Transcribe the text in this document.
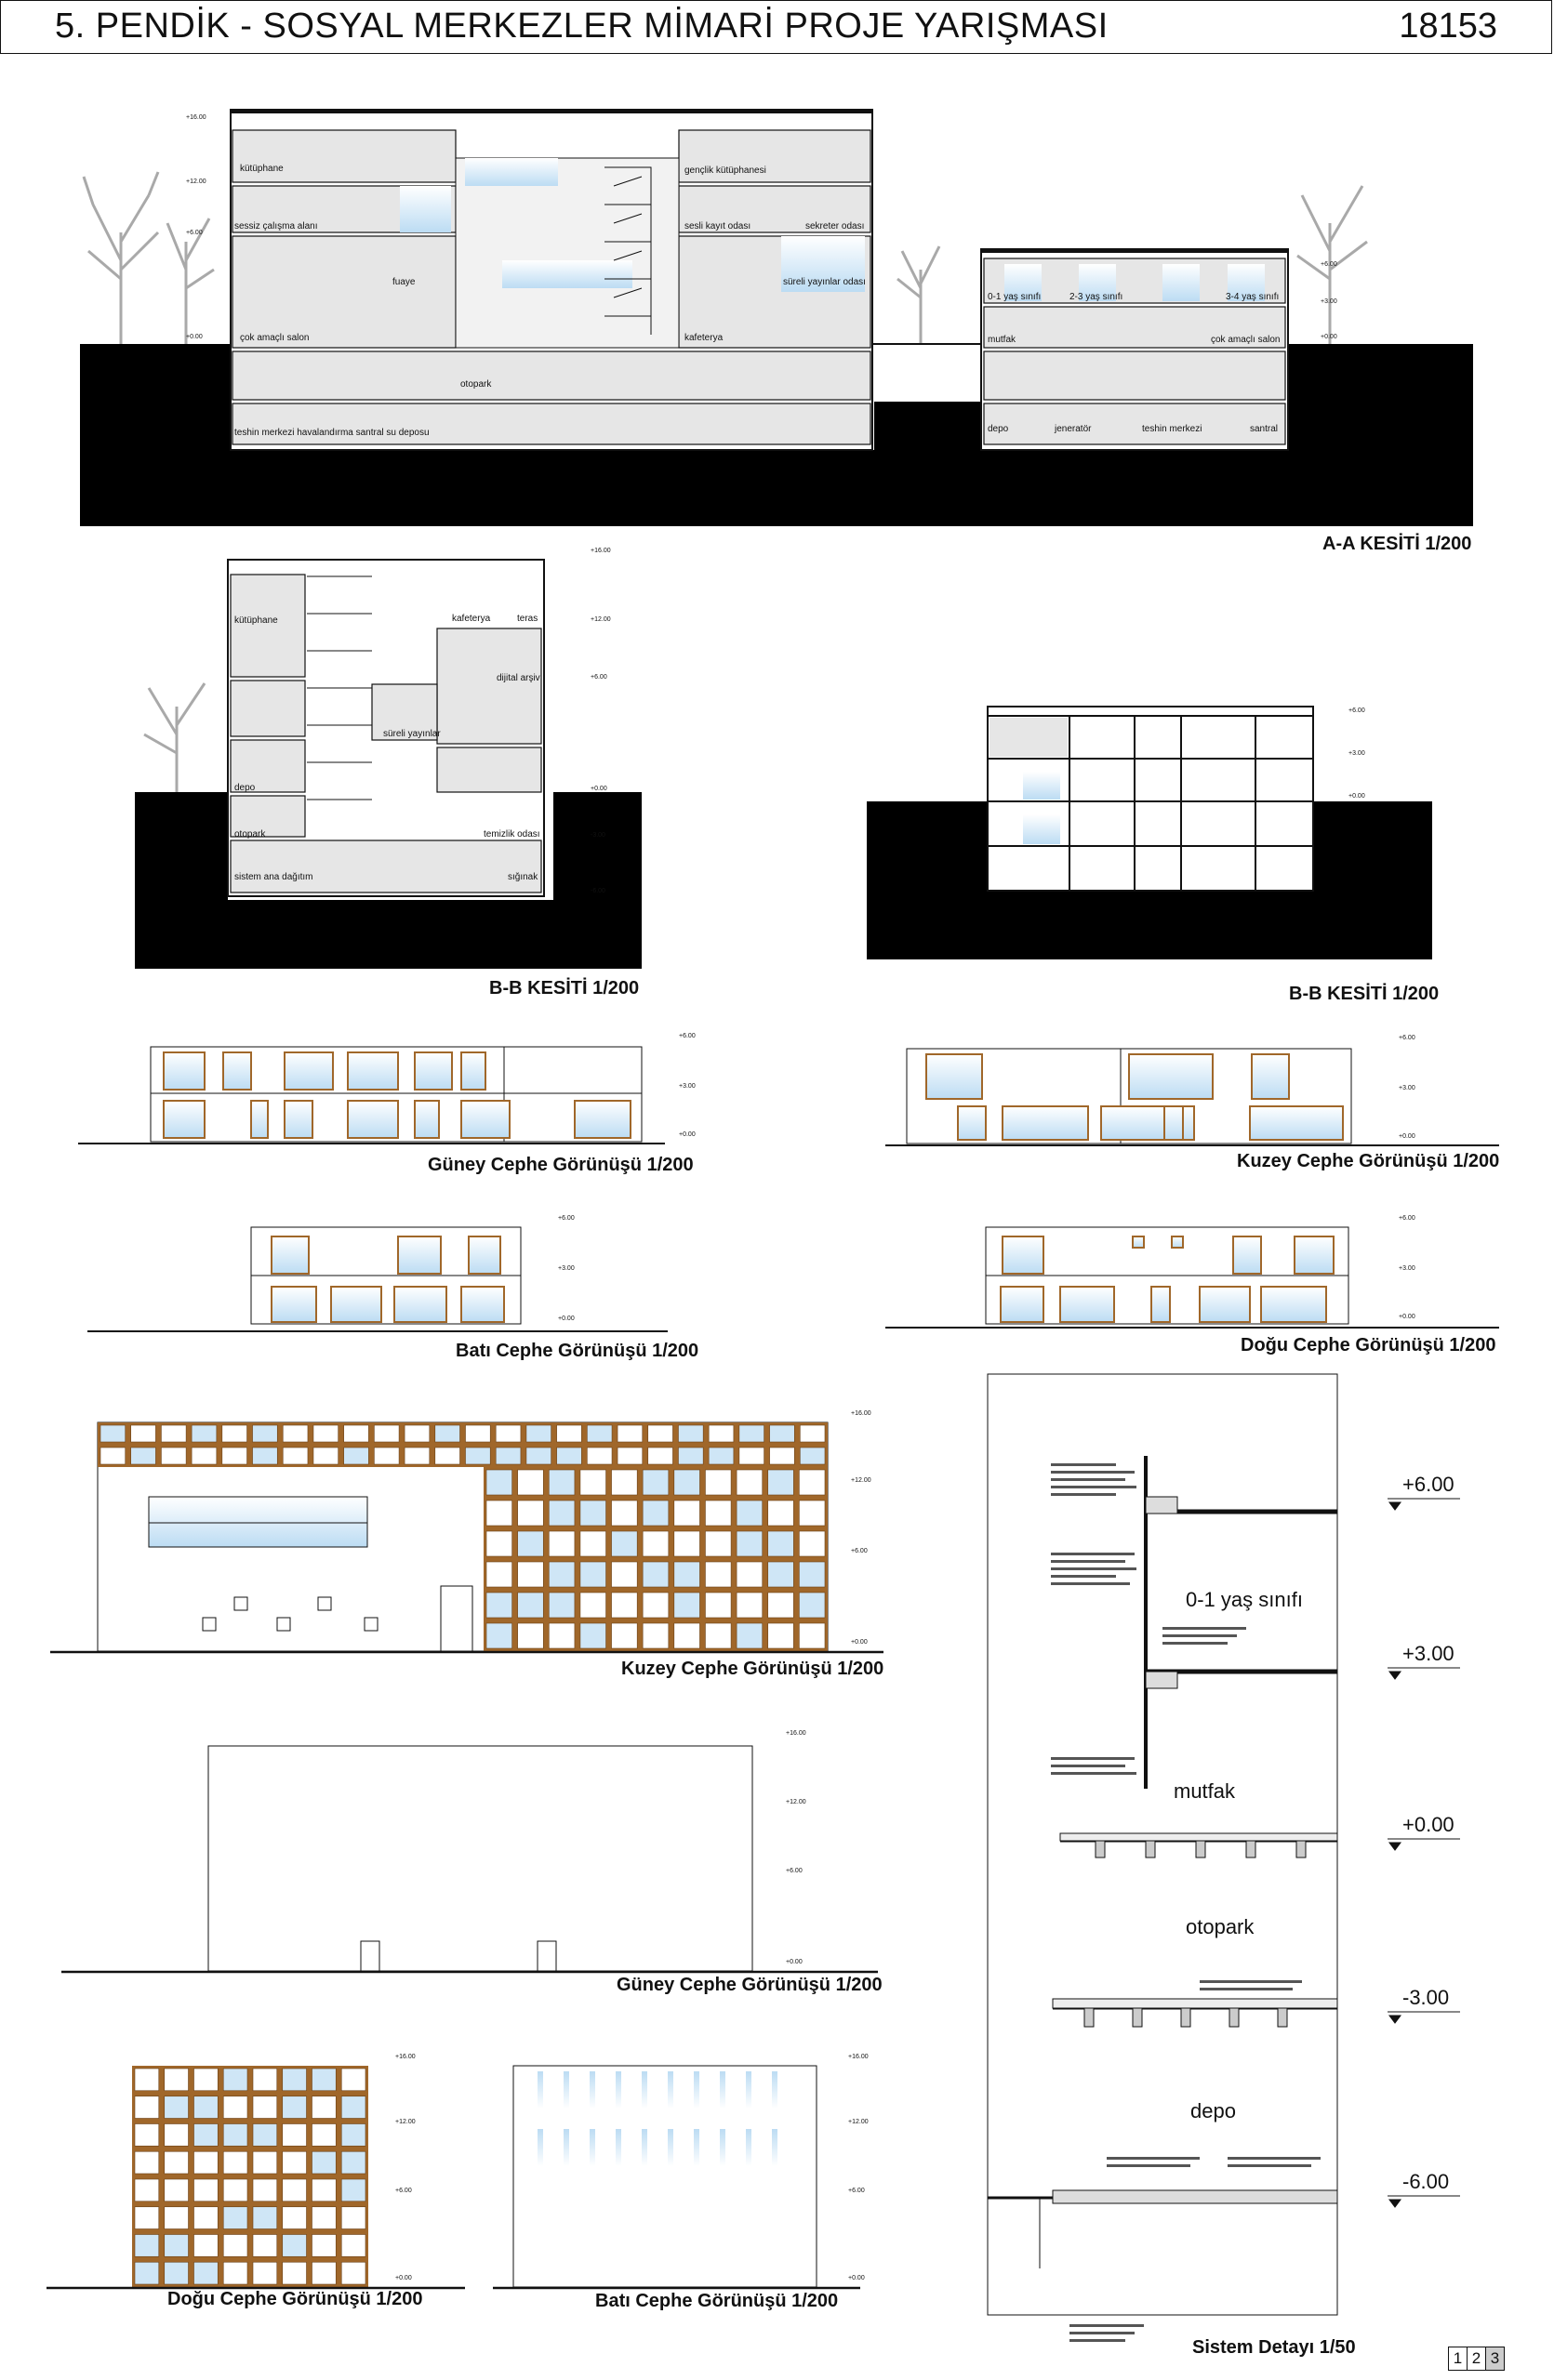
5. PENDİK - SOSYAL MERKEZLER MİMARİ PROJE YARIŞMASI	18153
kütüphane
sessiz çalışma alanı
fuaye
çok amaçlı salon
otopark
teshin merkezi havalandırma santral su deposu
gençlik kütüphanesi
sesli kayıt odası	sekreter odası
süreli yayınlar odası
kafeterya
0-1 yaş sınıfı	2-3 yaş sınıfı	3-4 yaş sınıfı
mutfak	çok amaçlı salon
depo	jeneratör	teshin merkezi	santral
+16.00
+12.00
+6.00
+0.00
+6.00
+3.00
+0.00
A-A KESİTİ 1/200
kütüphane	kafeterya	teras
dijital arşiv
süreli yayınlar
depo
otopark	temizlik odası
sistem ana dağıtım	sığınak
+16.00
+12.00
+6.00
+0.00
-3.00
-6.00
B-B KESİTİ 1/200
+6.00
+3.00
+0.00
B-B KESİTİ 1/200
+6.00
+3.00
+0.00
+6.00
+3.00
+0.00
+6.00
+3.00
+0.00
+6.00
+3.00
+0.00
Güney Cephe Görünüşü 1/200	Kuzey Cephe Görünüşü 1/200
Batı Cephe Görünüşü 1/200	Doğu Cephe Görünüşü 1/200
+16.00
+12.00
+6.00
+0.00
Kuzey Cephe Görünüşü 1/200
+16.00
+12.00
+6.00
+0.00
Güney Cephe Görünüşü 1/200
+16.00
+12.00
+6.00
+0.00
+16.00
+12.00
+6.00
+0.00
Doğu Cephe Görünüşü 1/200	Batı Cephe Görünüşü 1/200
0-1 yaş sınıfı
mutfak
otopark
depo
+6.00
+3.00
+0.00
-3.00
-6.00
Sistem Detayı 1/50
1 2 3
